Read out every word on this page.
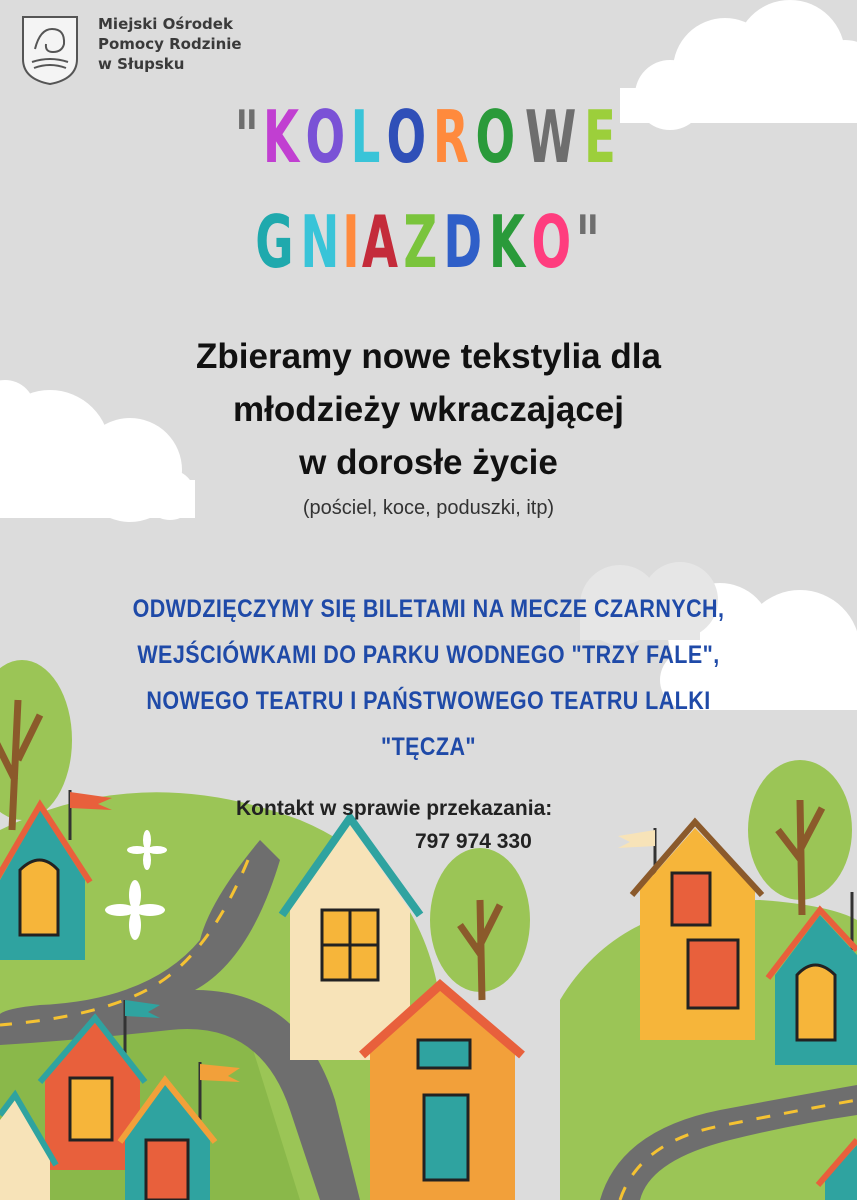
Miejski Ośrodek
Pomocy Rodzinie
w Słupsku
"KOLOROWE
GNIAZDKO"
Zbieramy nowe tekstylia dla
młodzieży wkraczającej
w dorosłe życie
(pościel, koce, poduszki, itp)
ODWDZIĘCZYMY SIĘ BILETAMI NA MECZE CZARNYCH,
WEJŚCIÓWKAMI DO PARKU WODNEGO "TRZY FALE",
NOWEGO TEATRU I PAŃSTWOWEGO TEATRU LALKI
"TĘCZA"
Kontakt w sprawie przekazania:
797 974 330
